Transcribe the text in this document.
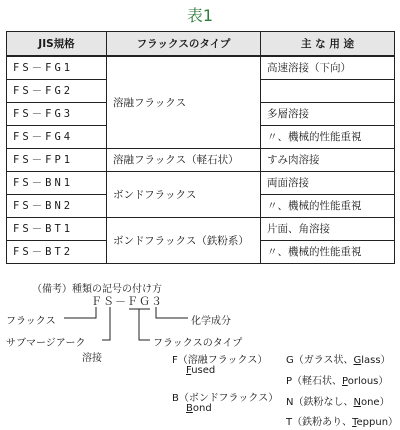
表1
JIS規格	フラックスのタイプ	主 な 用 途
FS－FG1	溶融フラックス	高速溶接（下向）
FS－FG2		
FS－FG3		多層溶接
FS－FG4		〃、機械的性能重視
FS－FP1	溶融フラックス（軽石状）	すみ肉溶接
FS－BN1	ボンドフラックス	両面溶接
FS－BN2		〃、機械的性能重視
FS－BT1	ボンドフラックス（鉄粉系）	片面、角溶接
FS－BT2		〃、機械的性能重視
（備考）種類の記号の付け方
ＦＳ－ＦＧ３
フラックス
サブマージアーク
溶接
化学成分
フラックスのタイプ
F（溶融フラックス）
Fused
B（ボンドフラックス）
Bond
G（ガラス状、Glass）
P（軽石状、Porlous）
N（鉄粉なし、None）
T（鉄粉あり、Teppun）
